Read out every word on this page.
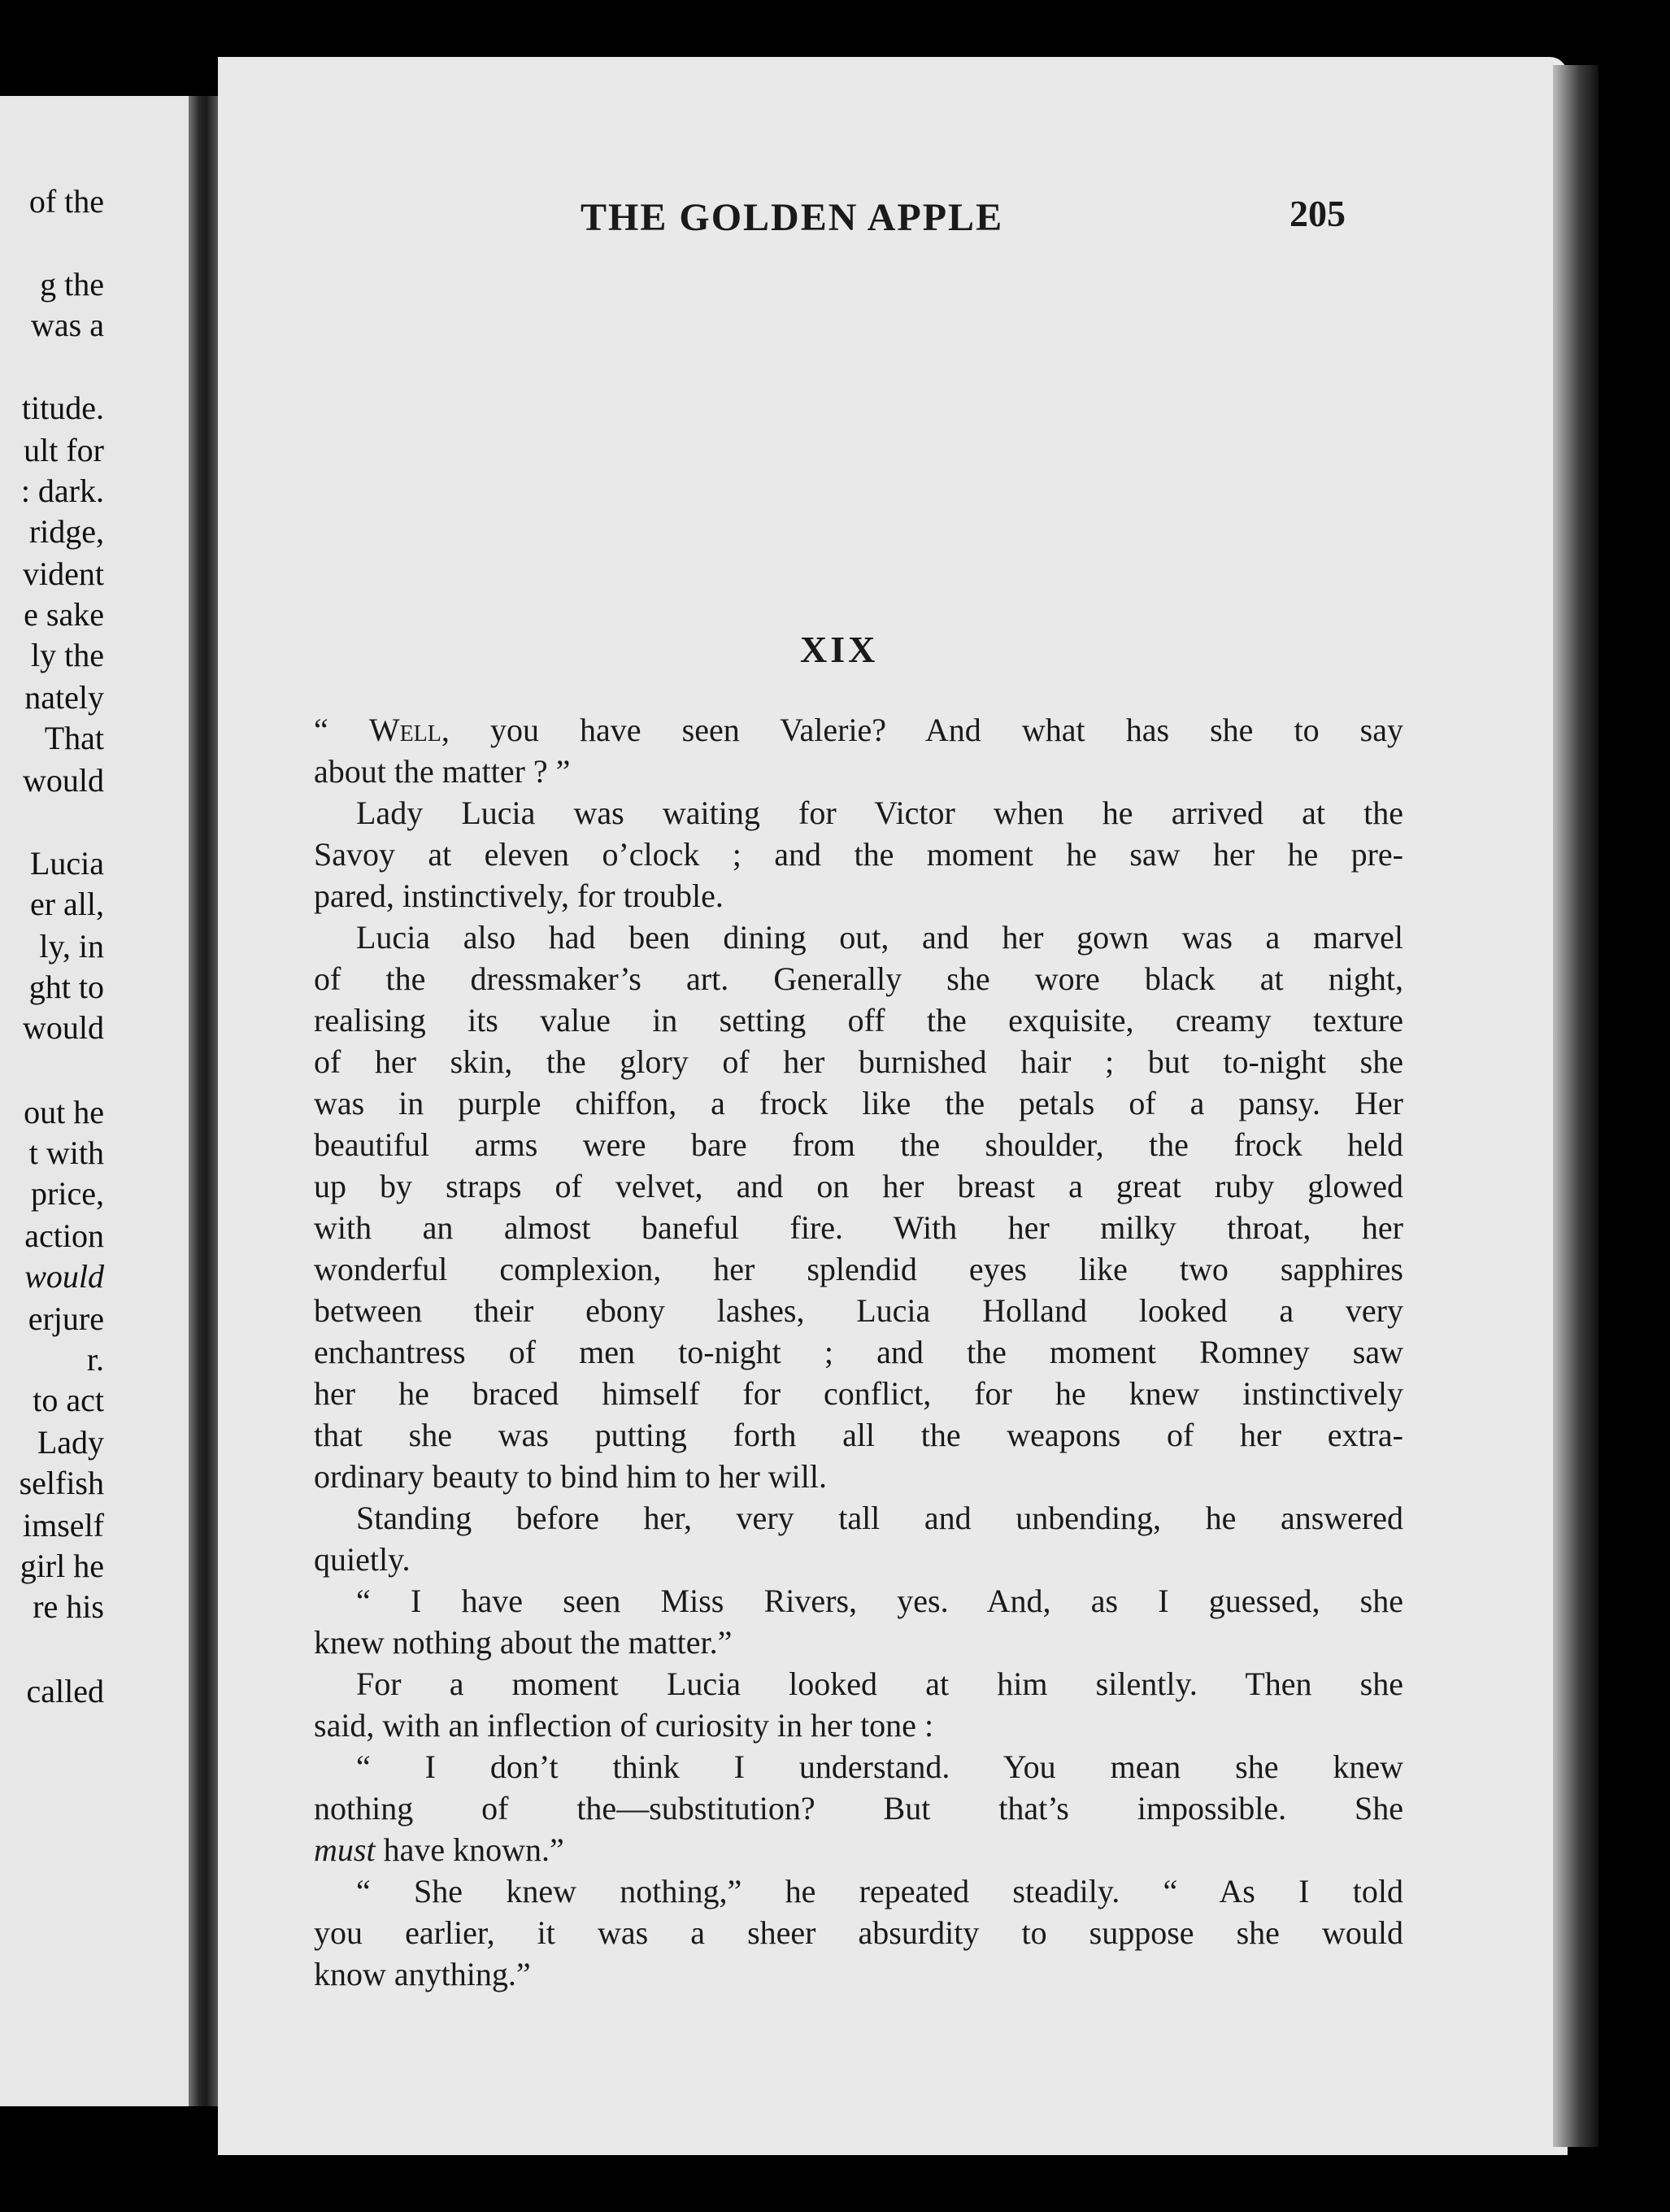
of the
g the
was a
titude.
ult for
: dark.
ridge,
vident
e sake
ly the
nately
That
would
Lucia
er all,
ly, in
ght to
would
out he
t with
price,
action
would
erjure
r.
to act
Lady
selfish
imself
girl he
re his
called
THE GOLDEN APPLE	205
XIX
“ Well, you have seen Valerie? And what has she to say
about the matter ? ”
Lady Lucia was waiting for Victor when he arrived at the
Savoy at eleven o’clock ; and the moment he saw her he pre-
pared, instinctively, for trouble.
Lucia also had been dining out, and her gown was a marvel
of the dressmaker’s art. Generally she wore black at night,
realising its value in setting off the exquisite, creamy texture
of her skin, the glory of her burnished hair ; but to-night she
was in purple chiffon, a frock like the petals of a pansy. Her
beautiful arms were bare from the shoulder, the frock held
up by straps of velvet, and on her breast a great ruby glowed
with an almost baneful fire. With her milky throat, her
wonderful complexion, her splendid eyes like two sapphires
between their ebony lashes, Lucia Holland looked a very
enchantress of men to-night ; and the moment Romney saw
her he braced himself for conflict, for he knew instinctively
that she was putting forth all the weapons of her extra-
ordinary beauty to bind him to her will.
Standing before her, very tall and unbending, he answered
quietly.
“ I have seen Miss Rivers, yes. And, as I guessed, she
knew nothing about the matter.”
For a moment Lucia looked at him silently. Then she
said, with an inflection of curiosity in her tone :
“ I don’t think I understand. You mean she knew
nothing of the—substitution? But that’s impossible. She
must have known.”
“ She knew nothing,” he repeated steadily. “ As I told
you earlier, it was a sheer absurdity to suppose she would
know anything.”
